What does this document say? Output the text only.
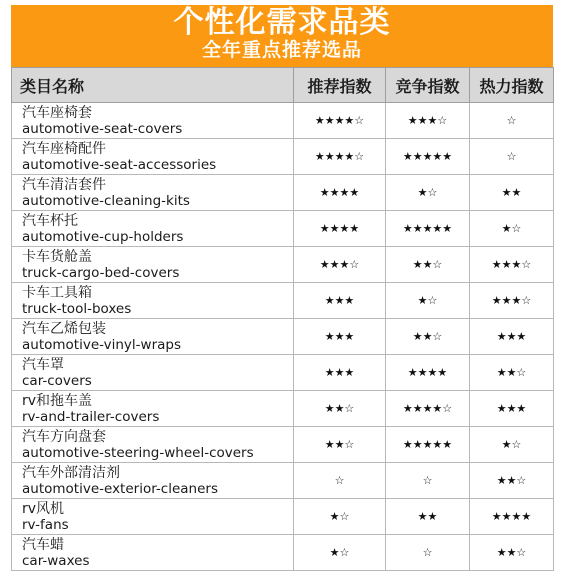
个性化需求品类
全年重点推荐选品
类目名称	推荐指数	竞争指数	热力指数

汽车座椅套
automotive-seat-covers	★★★★☆	★★★☆	☆

汽车座椅配件
automotive-seat-accessories	★★★★☆	★★★★★	☆

汽车清洁套件
automotive-cleaning-kits	★★★★	★☆	★★

汽车杯托
automotive-cup-holders	★★★★	★★★★★	★☆

卡车货舱盖
truck-cargo-bed-covers	★★★☆	★★☆	★★★☆

卡车工具箱
truck-tool-boxes	★★★	★☆	★★★☆

汽车乙烯包装
automotive-vinyl-wraps	★★★	★★☆	★★★

汽车罩
car-covers	★★★	★★★★	★★☆

rv和拖车盖
rv-and-trailer-covers	★★☆	★★★★☆	★★★

汽车方向盘套
automotive-steering-wheel-covers	★★☆	★★★★★	★☆

汽车外部清洁剂
automotive-exterior-cleaners	☆	☆	★★☆

rv风机
rv-fans	★☆	★★	★★★★

汽车蜡
car-waxes	★☆	☆	★★☆
